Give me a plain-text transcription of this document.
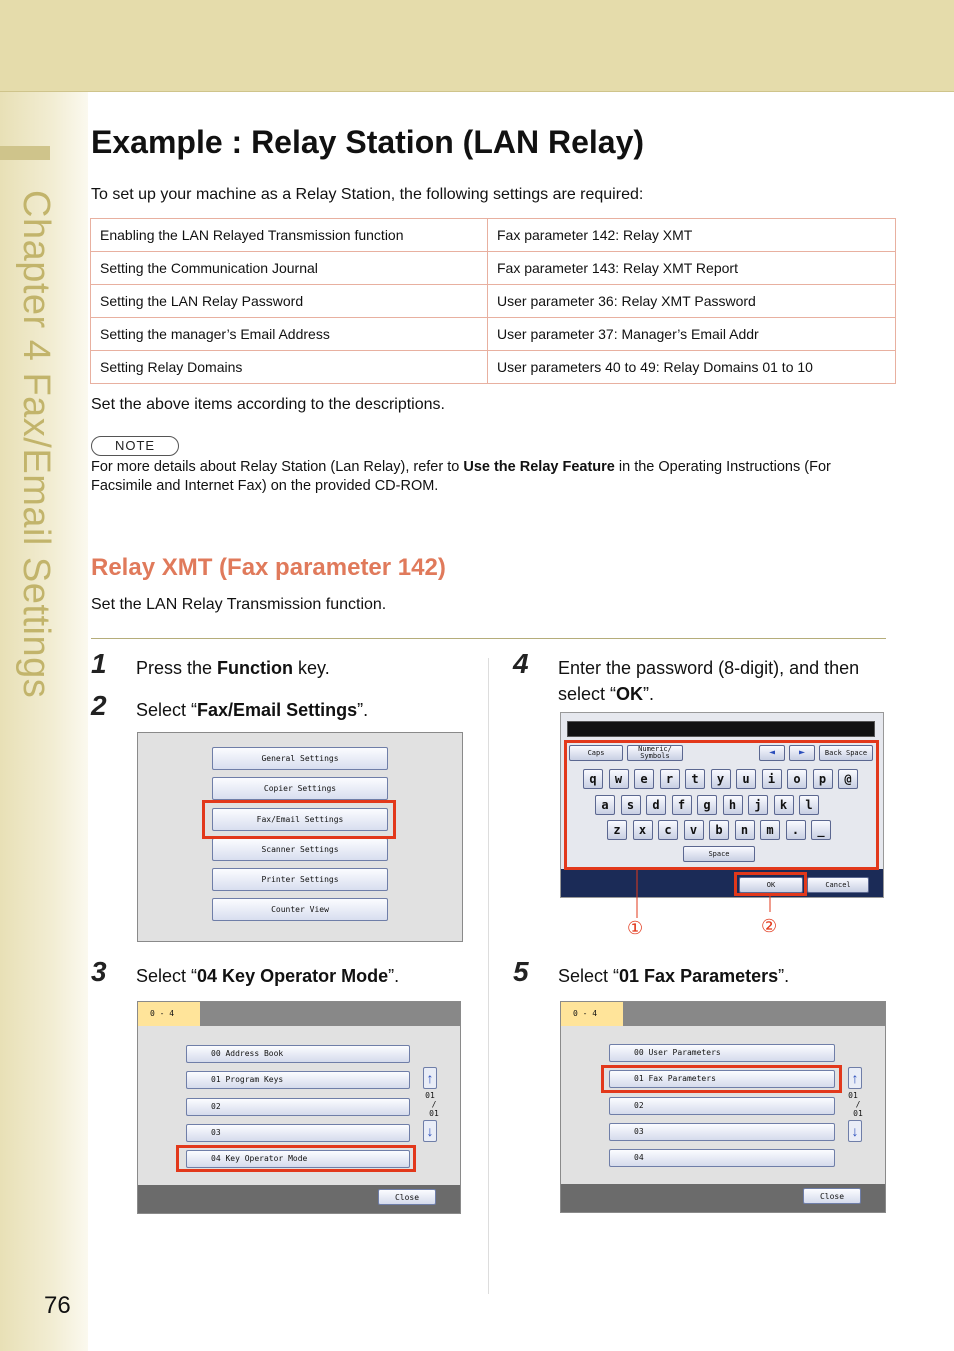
Chapter 4 Fax/Email Settings
76
Example : Relay Station (LAN Relay)
To set up your machine as a Relay Station, the following settings are required:
Enabling the LAN Relayed Transmission function	Fax parameter 142: Relay XMT
Setting the Communication Journal	Fax parameter 143: Relay XMT Report
Setting the LAN Relay Password	User parameter 36: Relay XMT Password
Setting the manager’s Email Address	User parameter 37: Manager’s Email Addr
Setting Relay Domains	User parameters 40 to 49: Relay Domains 01 to 10
Set the above items according to the descriptions.
NOTE
For more details about Relay Station (Lan Relay), refer to Use the Relay Feature in the Operating Instructions (For Facsimile and Internet Fax) on the provided CD-ROM.
Relay XMT (Fax parameter 142)
Set the LAN Relay Transmission function.
1 Press the Function key.
2 Select “Fax/Email Settings”.
General Settings
Copier Settings
Fax/Email Settings
Scanner Settings
Printer Settings
Counter View
3 Select “04 Key Operator Mode”.
0 - 4
00 Address Book
01 Program Keys
02
03
04 Key Operator Mode
↑
01
/
01
↓
Close
4 Enter the password (8-digit), and then select “OK”.
Caps	Numeric/
Symbols	◄	►	Back Space
q	w	e	r	t	y	u	i	o	p	@
a	s	d	f	g	h	j	k	l
z	x	c	v	b	n	m	.	_
Space
OK	Cancel
①	②
5 Select “01 Fax Parameters”.
0 - 4
00 User Parameters
01 Fax Parameters
02
03
04
↑
01
/
01
↓
Close
